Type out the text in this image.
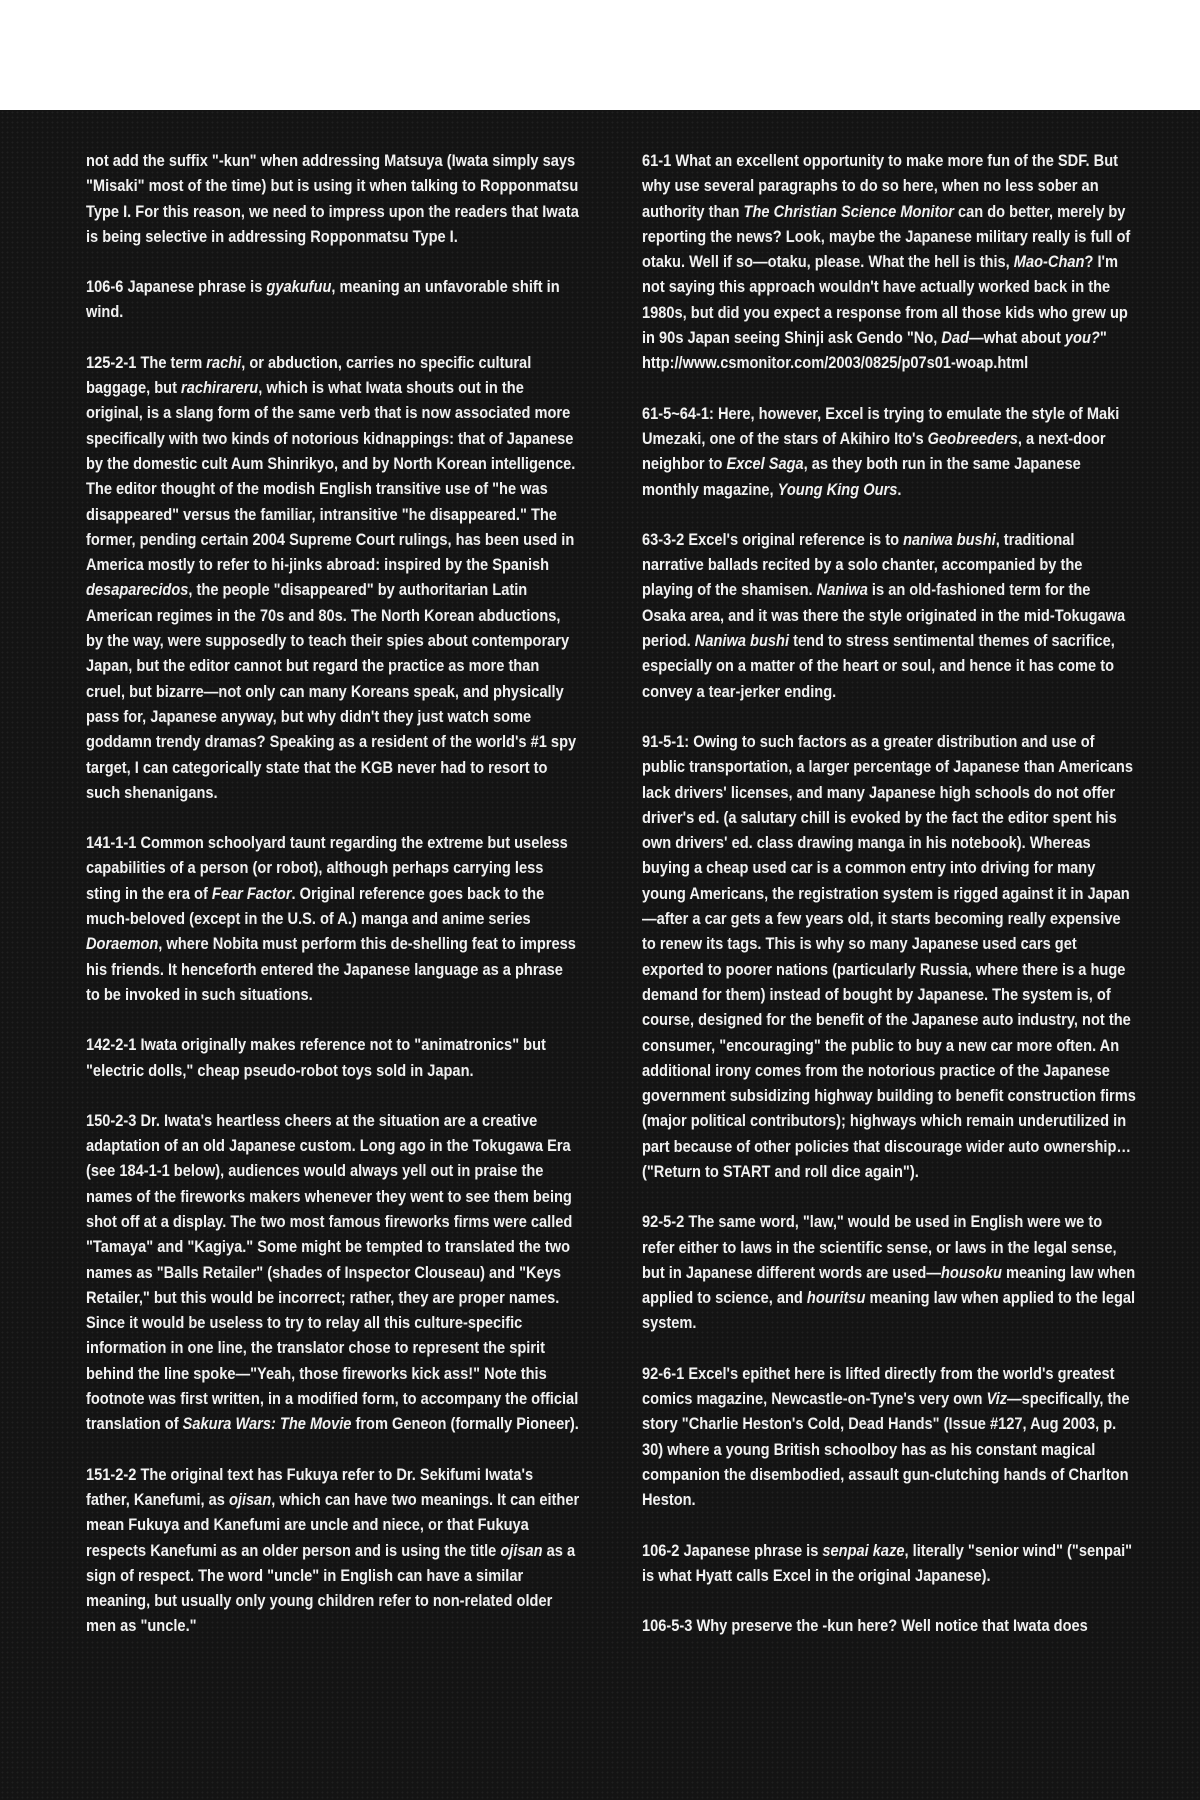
not add the suffix "-kun" when addressing Matsuya (Iwata simply says "Misaki" most of the time) but is using it when talking to Ropponmatsu Type I. For this reason, we need to impress upon the readers that Iwata is being selective in addressing Ropponmatsu Type I.

106-6 Japanese phrase is gyakufuu, meaning an unfavorable shift in wind.

125-2-1 The term rachi, or abduction, carries no specific cultural baggage, but rachirareru, which is what Iwata shouts out in the original, is a slang form of the same verb that is now associated more specifically with two kinds of notorious kidnappings: that of Japanese by the domestic cult Aum Shinrikyo, and by North Korean intelligence. The editor thought of the modish English transitive use of "he was disappeared" versus the familiar, intransitive "he disappeared." The former, pending certain 2004 Supreme Court rulings, has been used in America mostly to refer to hi-jinks abroad: inspired by the Spanish desaparecidos, the people "disappeared" by authoritarian Latin American regimes in the 70s and 80s. The North Korean abductions, by the way, were supposedly to teach their spies about contemporary Japan, but the editor cannot but regard the practice as more than cruel, but bizarre—not only can many Koreans speak, and physically pass for, Japanese anyway, but why didn't they just watch some goddamn trendy dramas? Speaking as a resident of the world's #1 spy target, I can categorically state that the KGB never had to resort to such shenanigans.

141-1-1 Common schoolyard taunt regarding the extreme but useless capabilities of a person (or robot), although perhaps carrying less sting in the era of Fear Factor. Original reference goes back to the much-beloved (except in the U.S. of A.) manga and anime series Doraemon, where Nobita must perform this de-shelling feat to impress his friends. It henceforth entered the Japanese language as a phrase to be invoked in such situations.

142-2-1 Iwata originally makes reference not to "animatronics" but "electric dolls," cheap pseudo-robot toys sold in Japan.

150-2-3 Dr. Iwata's heartless cheers at the situation are a creative adaptation of an old Japanese custom. Long ago in the Tokugawa Era (see 184-1-1 below), audiences would always yell out in praise the names of the fireworks makers whenever they went to see them being shot off at a display. The two most famous fireworks firms were called "Tamaya" and "Kagiya." Some might be tempted to translated the two names as "Balls Retailer" (shades of Inspector Clouseau) and "Keys Retailer," but this would be incorrect; rather, they are proper names. Since it would be useless to try to relay all this culture-specific information in one line, the translator chose to represent the spirit behind the line spoke—"Yeah, those fireworks kick ass!" Note this footnote was first written, in a modified form, to accompany the official translation of Sakura Wars: The Movie from Geneon (formally Pioneer).

151-2-2 The original text has Fukuya refer to Dr. Sekifumi Iwata's father, Kanefumi, as ojisan, which can have two meanings. It can either mean Fukuya and Kanefumi are uncle and niece, or that Fukuya respects Kanefumi as an older person and is using the title ojisan as a sign of respect. The word "uncle" in English can have a similar meaning, but usually only young children refer to non-related older men as "uncle."

61-1 What an excellent opportunity to make more fun of the SDF. But why use several paragraphs to do so here, when no less sober an authority than The Christian Science Monitor can do better, merely by reporting the news? Look, maybe the Japanese military really is full of otaku. Well if so—otaku, please. What the hell is this, Mao-Chan? I'm not saying this approach wouldn't have actually worked back in the 1980s, but did you expect a response from all those kids who grew up in 90s Japan seeing Shinji ask Gendo "No, Dad—what about you?" http://www.csmonitor.com/2003/0825/p07s01-woap.html

61-5~64-1: Here, however, Excel is trying to emulate the style of Maki Umezaki, one of the stars of Akihiro Ito's Geobreeders, a next-door neighbor to Excel Saga, as they both run in the same Japanese monthly magazine, Young King Ours.

63-3-2 Excel's original reference is to naniwa bushi, traditional narrative ballads recited by a solo chanter, accompanied by the playing of the shamisen. Naniwa is an old-fashioned term for the Osaka area, and it was there the style originated in the mid-Tokugawa period. Naniwa bushi tend to stress sentimental themes of sacrifice, especially on a matter of the heart or soul, and hence it has come to convey a tear-jerker ending.

91-5-1: Owing to such factors as a greater distribution and use of public transportation, a larger percentage of Japanese than Americans lack drivers' licenses, and many Japanese high schools do not offer driver's ed. (a salutary chill is evoked by the fact the editor spent his own drivers' ed. class drawing manga in his notebook). Whereas buying a cheap used car is a common entry into driving for many young Americans, the registration system is rigged against it in Japan—after a car gets a few years old, it starts becoming really expensive to renew its tags. This is why so many Japanese used cars get exported to poorer nations (particularly Russia, where there is a huge demand for them) instead of bought by Japanese. The system is, of course, designed for the benefit of the Japanese auto industry, not the consumer, "encouraging" the public to buy a new car more often. An additional irony comes from the notorious practice of the Japanese government subsidizing highway building to benefit construction firms (major political contributors); highways which remain underutilized in part because of other policies that discourage wider auto ownership…("Return to START and roll dice again").

92-5-2 The same word, "law," would be used in English were we to refer either to laws in the scientific sense, or laws in the legal sense, but in Japanese different words are used—housoku meaning law when applied to science, and houritsu meaning law when applied to the legal system.

92-6-1 Excel's epithet here is lifted directly from the world's greatest comics magazine, Newcastle-on-Tyne's very own Viz—specifically, the story "Charlie Heston's Cold, Dead Hands" (Issue #127, Aug 2003, p. 30) where a young British schoolboy has as his constant magical companion the disembodied, assault gun-clutching hands of Charlton Heston.

106-2 Japanese phrase is senpai kaze, literally "senior wind" ("senpai" is what Hyatt calls Excel in the original Japanese).

106-5-3 Why preserve the -kun here? Well notice that Iwata does
